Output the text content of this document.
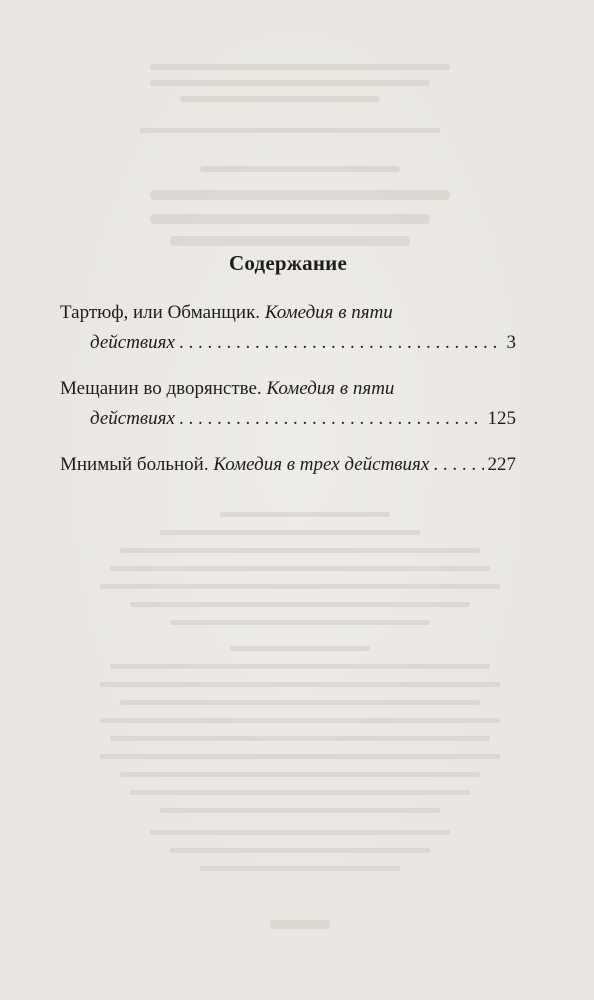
Содержание
Тартюф, или Обманщик. Комедия в пяти
действиях . . .	3
Мещанин во дворянстве. Комедия в пяти
действиях . . .	125
Мнимый больной. Комедия в трех действиях . . .	227
